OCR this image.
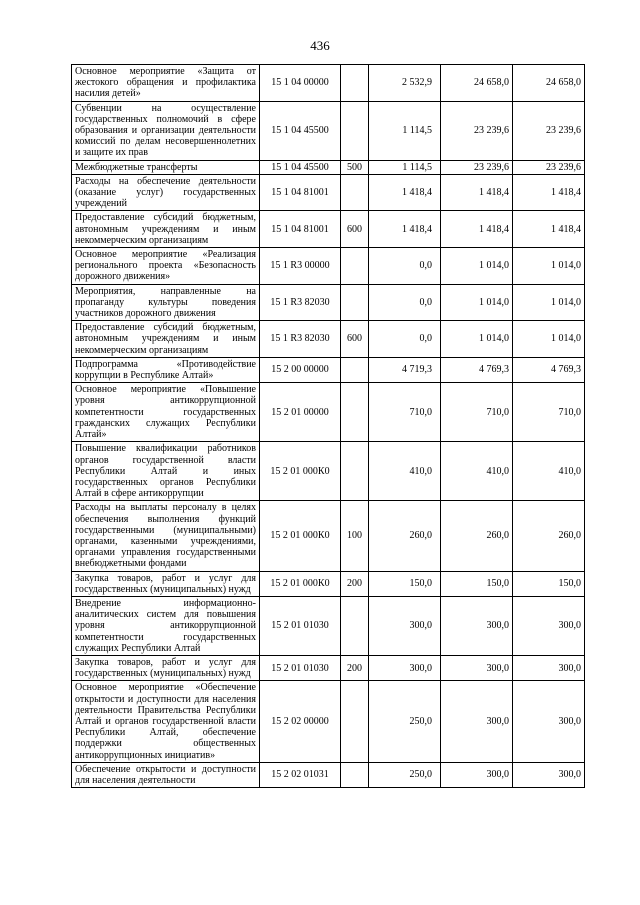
436
Основное мероприятие «Защита от жестокого обращения и профилактика насилия детей»	15 1 04 00000		2 532,9	24 658,0	24 658,0
Субвенции на осуществление государственных полномочий в сфере образования и организации деятельности комиссий по делам несовершеннолетних и защите их прав	15 1 04 45500		1 114,5	23 239,6	23 239,6
Межбюджетные трансферты	15 1 04 45500	500	1 114,5	23 239,6	23 239,6
Расходы на обеспечение деятельности (оказание услуг) государственных учреждений	15 1 04 81001		1 418,4	1 418,4	1 418,4
Предоставление субсидий бюджетным, автономным учреждениям и иным некоммерческим организациям	15 1 04 81001	600	1 418,4	1 418,4	1 418,4
Основное мероприятие «Реализация регионального проекта «Безопасность дорожного движения»	15 1 R3 00000		0,0	1 014,0	1 014,0
Мероприятия, направленные на пропаганду культуры поведения участников дорожного движения	15 1 R3 82030		0,0	1 014,0	1 014,0
Предоставление субсидий бюджетным, автономным учреждениям и иным некоммерческим организациям	15 1 R3 82030	600	0,0	1 014,0	1 014,0
Подпрограмма «Противодействие коррупции в Республике Алтай»	15 2 00 00000		4 719,3	4 769,3	4 769,3
Основное мероприятие «Повышение уровня антикоррупционной компетентности государственных гражданских служащих Республики Алтай»	15 2 01 00000		710,0	710,0	710,0
Повышение квалификации работников органов государственной власти Республики Алтай и иных государственных органов Республики Алтай в сфере антикоррупции	15 2 01 000К0		410,0	410,0	410,0
Расходы на выплаты персоналу в целях обеспечения выполнения функций государственными (муниципальными) органами, казенными учреждениями, органами управления государственными внебюджетными фондами	15 2 01 000К0	100	260,0	260,0	260,0
Закупка товаров, работ и услуг для государственных (муниципальных) нужд	15 2 01 000К0	200	150,0	150,0	150,0
Внедрение информационно-аналитических систем для повышения уровня антикоррупционной компетентности государственных служащих Республики Алтай	15 2 01 01030		300,0	300,0	300,0
Закупка товаров, работ и услуг для государственных (муниципальных) нужд	15 2 01 01030	200	300,0	300,0	300,0
Основное мероприятие «Обеспечение открытости и доступности для населения деятельности Правительства Республики Алтай и органов государственной власти Республики Алтай, обеспечение поддержки общественных антикоррупционных инициатив»	15 2 02 00000		250,0	300,0	300,0
Обеспечение открытости и доступности для населения деятельности	15 2 02 01031		250,0	300,0	300,0
